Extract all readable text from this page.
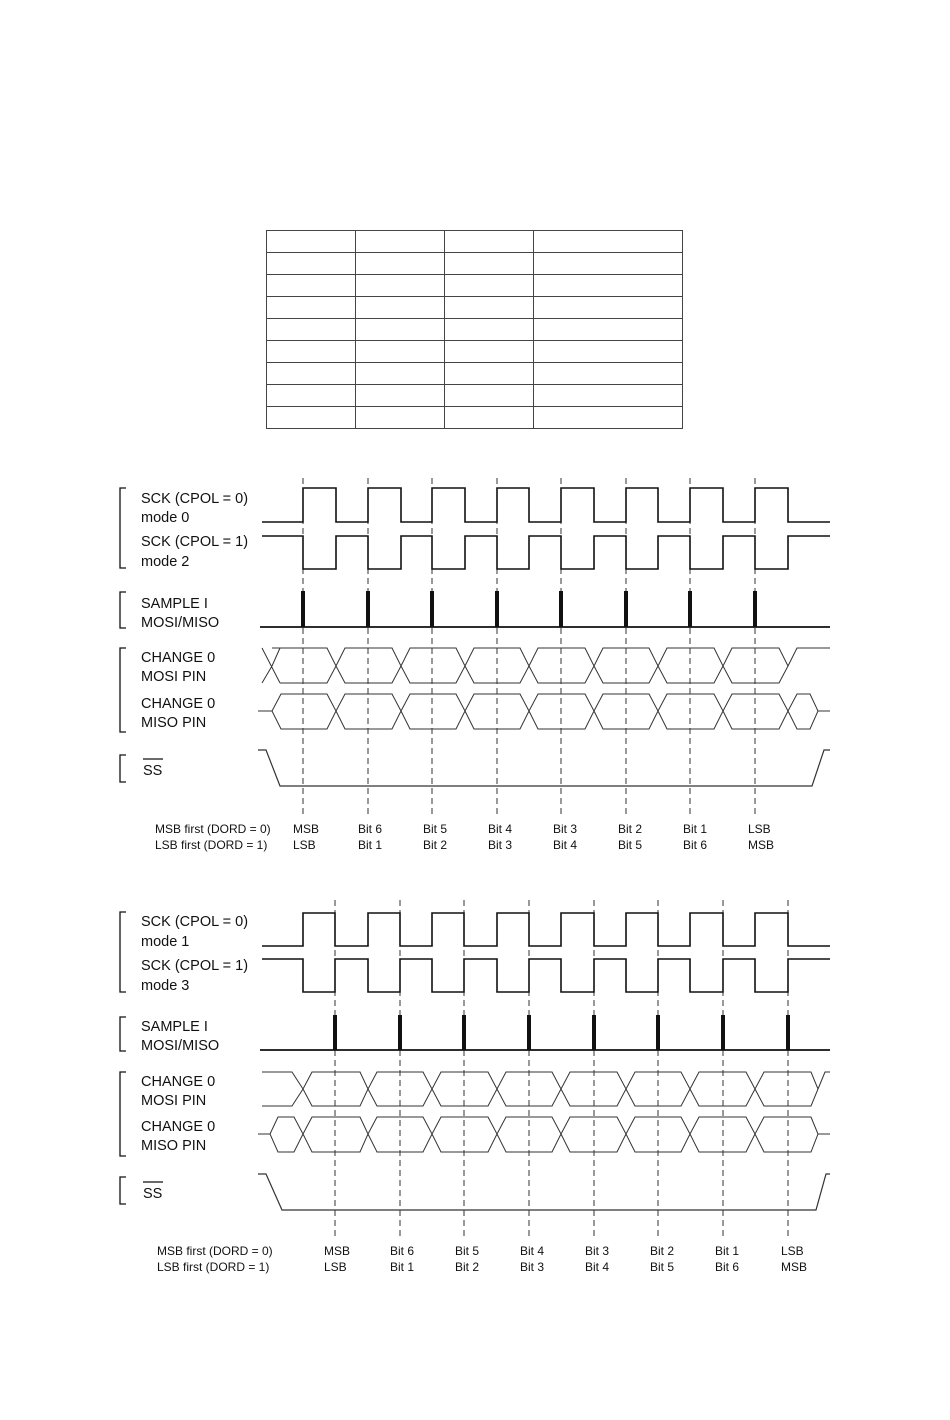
SCK (CPOL = 0)
mode 0
SCK (CPOL = 1)
mode 2
SAMPLE I
MOSI/MISO
CHANGE 0
MOSI PIN
CHANGE 0
MISO PIN
SS
MSB first (DORD = 0)
LSB first (DORD = 1)
MSB	Bit 6	Bit 5	Bit 4	Bit 3	Bit 2	Bit 1	LSB
LSB	Bit 1	Bit 2	Bit 3	Bit 4	Bit 5	Bit 6	MSB
SCK (CPOL = 0)
mode 1
SCK (CPOL = 1)
mode 3
SAMPLE I
MOSI/MISO
CHANGE 0
MOSI PIN
CHANGE 0
MISO PIN
SS
MSB first (DORD = 0)
LSB first (DORD = 1)
MSB	Bit 6	Bit 5	Bit 4	Bit 3	Bit 2	Bit 1	LSB
LSB	Bit 1	Bit 2	Bit 3	Bit 4	Bit 5	Bit 6	MSB
